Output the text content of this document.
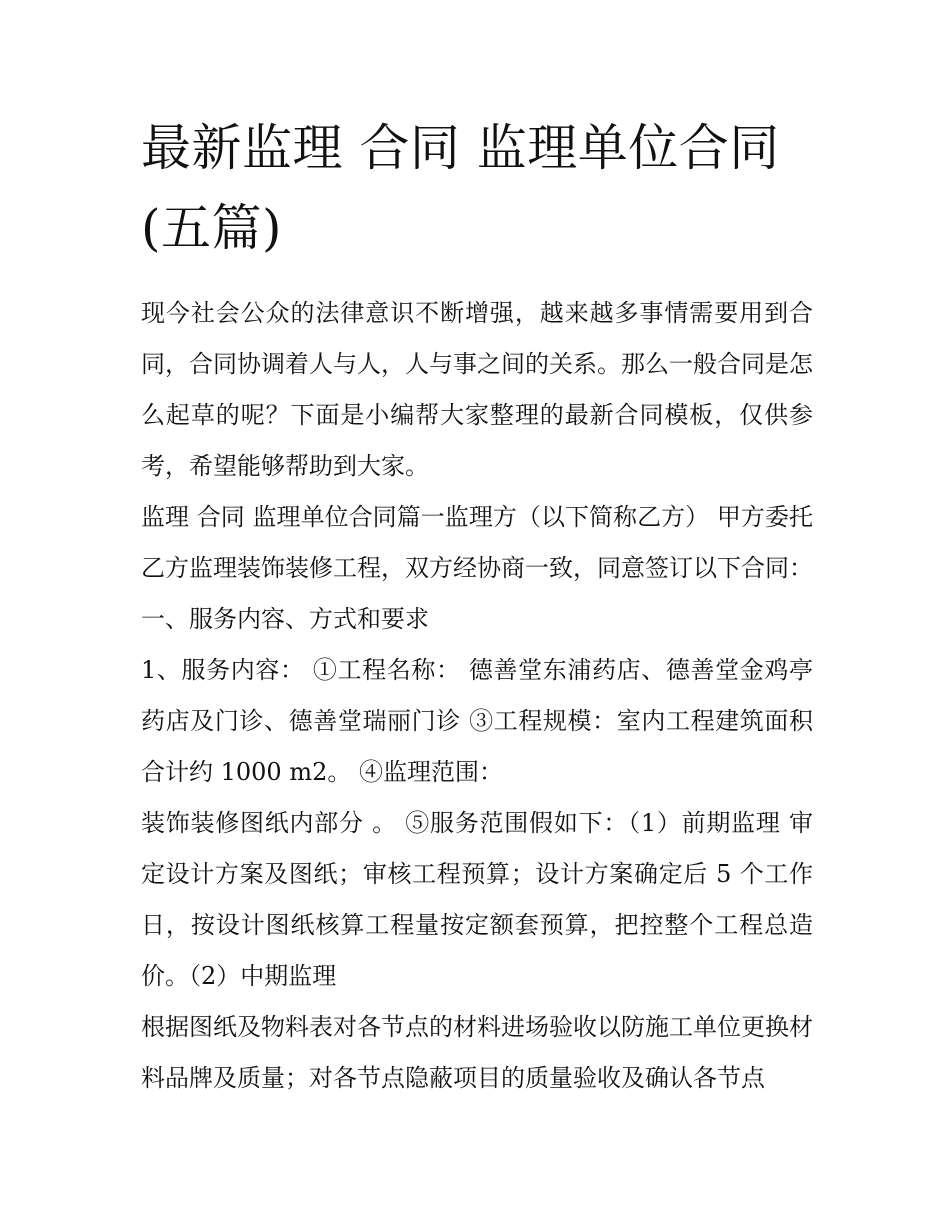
最新监理 合同 监理单位合同(五篇)

现今社会公众的法律意识不断增强，越来越多事情需要用到合同，合同协调着人与人，人与事之间的关系。那么一般合同是怎么起草的呢？下面是小编帮大家整理的最新合同模板，仅供参考，希望能够帮助到大家。

监理 合同 监理单位合同篇一监理方（以下简称乙方） 甲方委托乙方监理装饰装修工程，双方经协商一致，同意签订以下合同： 一、服务内容、方式和要求

1、服务内容： ①工程名称： 德善堂东浦药店、德善堂金鸡亭药店及门诊、德善堂瑞丽门诊 ③工程规模：室内工程建筑面积 合计约 1000 m2。 ④监理范围：

装饰装修图纸内部分 。 ⑤服务范围假如下：（1）前期监理 审定设计方案及图纸；审核工程预算；设计方案确定后 5 个工作日，按设计图纸核算工程量按定额套预算，把控整个工程总造价。（2）中期监理

根据图纸及物料表对各节点的材料进场验收以防施工单位更换材料品牌及质量；对各节点隐蔽项目的质量验收及确认各节点
